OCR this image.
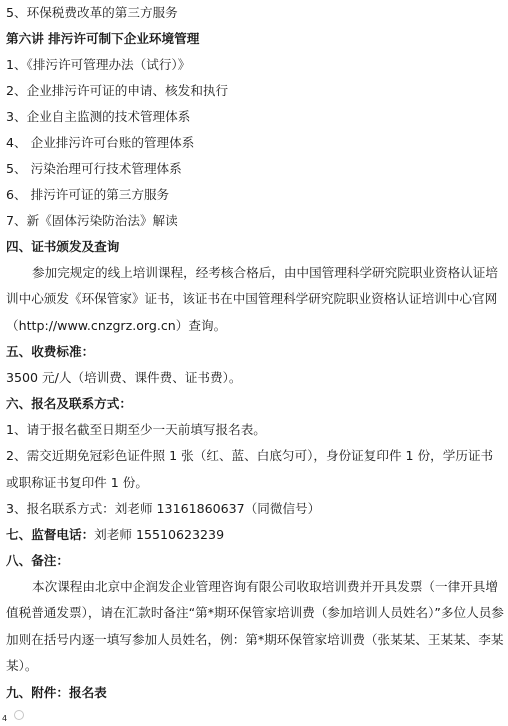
5、环保税费改革的第三方服务
第六讲 排污许可制下企业环境管理
1、《排污许可管理办法（试行）》
2、企业排污许可证的申请、核发和执行
3、企业自主监测的技术管理体系
4、 企业排污许可台账的管理体系
5、 污染治理可行技术管理体系
6、 排污许可证的第三方服务
7、新《固体污染防治法》解读
四、证书颁发及查询
参加完规定的线上培训课程，经考核合格后，由中国管理科学研究院职业资格认证培训中心颁发《环保管家》证书，该证书在中国管理科学研究院职业资格认证培训中心官网（http://www.cnzgrz.org.cn）查询。
五、收费标准：
3500 元/人（培训费、课件费、证书费）。
六、报名及联系方式：
1、请于报名截至日期至少一天前填写报名表。
2、需交近期免冠彩色证件照 1 张（红、蓝、白底匀可），身份证复印件 1 份，学历证书或职称证书复印件 1 份。
3、报名联系方式：刘老师 13161860637（同微信号）
七、监督电话：刘老师 15510623239
八、备注：
本次课程由北京中企润发企业管理咨询有限公司收取培训费并开具发票（一律开具增值税普通发票），请在汇款时备注“第*期环保管家培训费（参加培训人员姓名）”多位人员参加则在括号内逐一填写参加人员姓名，例：第*期环保管家培训费（张某某、王某某、李某某）。
九、附件：报名表
4
